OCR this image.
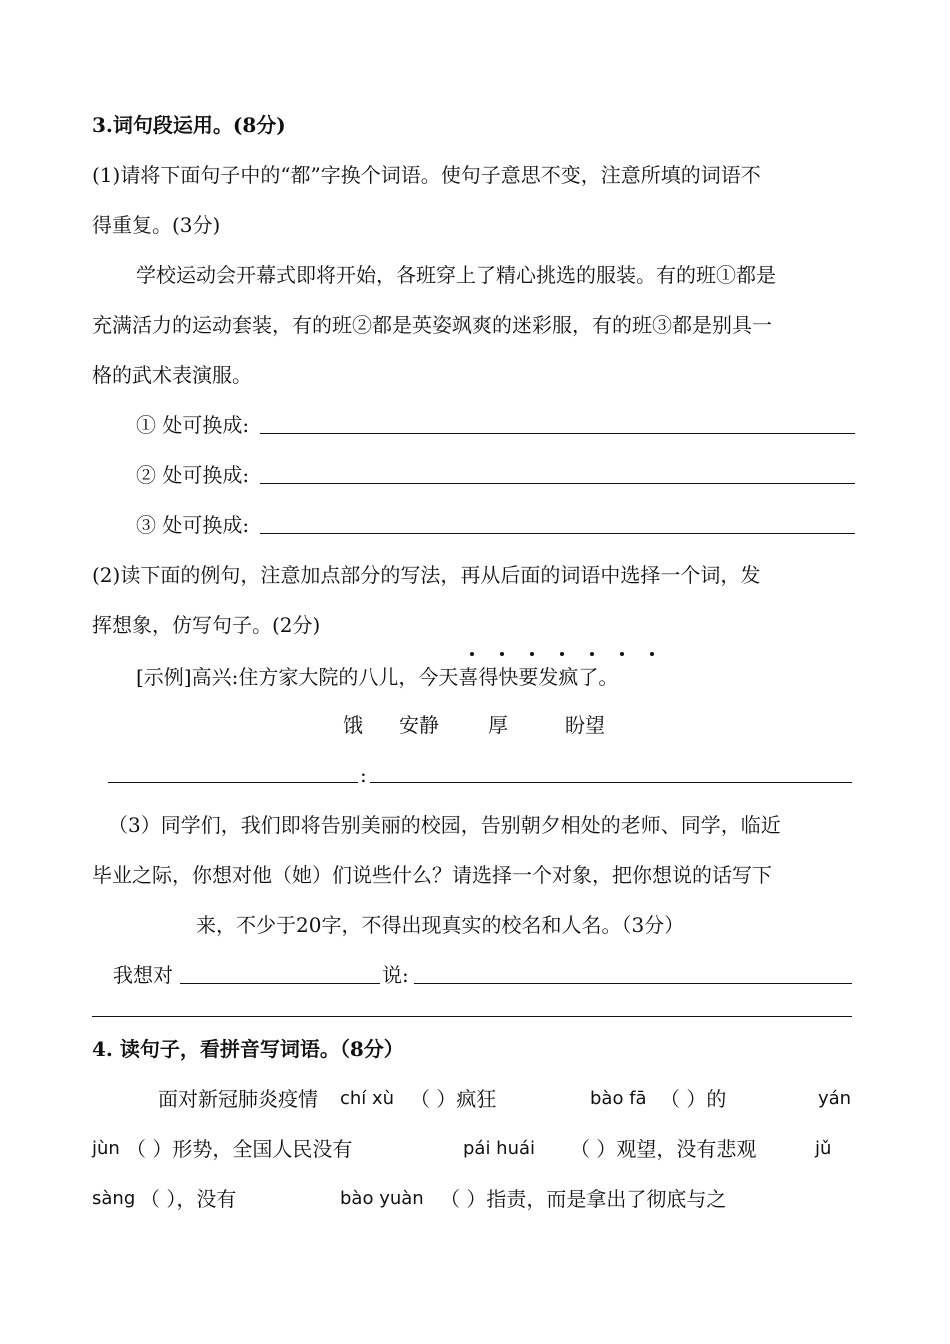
3.词句段运用。(8分)
(1)请将下面句子中的“都”字换个词语。使句子意思不变，注意所填的词语不
得重复。(3分)
学校运动会开幕式即将开始，各班穿上了精心挑选的服装。有的班①都是
充满活力的运动套装，有的班②都是英姿飒爽的迷彩服，有的班③都是别具一
格的武术表演服。
① 处可换成:
② 处可换成:
③ 处可换成:
(2)读下面的例句，注意加点部分的写法，再从后面的词语中选择一个词，发
挥想象，仿写句子。(2分)
[示例]高兴:住方家大院的八儿，今天喜得快要发疯了。
饿 安静 厚	盼望
:
（3）同学们，我们即将告别美丽的校园，告别朝夕相处的老师、同学，临近
毕业之际，你想对他（她）们说些什么？请选择一个对象，把你想说的话写下
来，不少于20字，不得出现真实的校名和人名。（3分）
我想对	说:
4. 读句子，看拼音写词语。（8分）
面对新冠肺炎疫情 chí xù （ ）疯狂	bào fā （ ）的	yán
jùn （ ）形势，全国人民没有	pái huái （ ）观望，没有悲观	jǔ
sàng （ ），没有	bào yuàn （ ）指责，而是拿出了彻底与之
